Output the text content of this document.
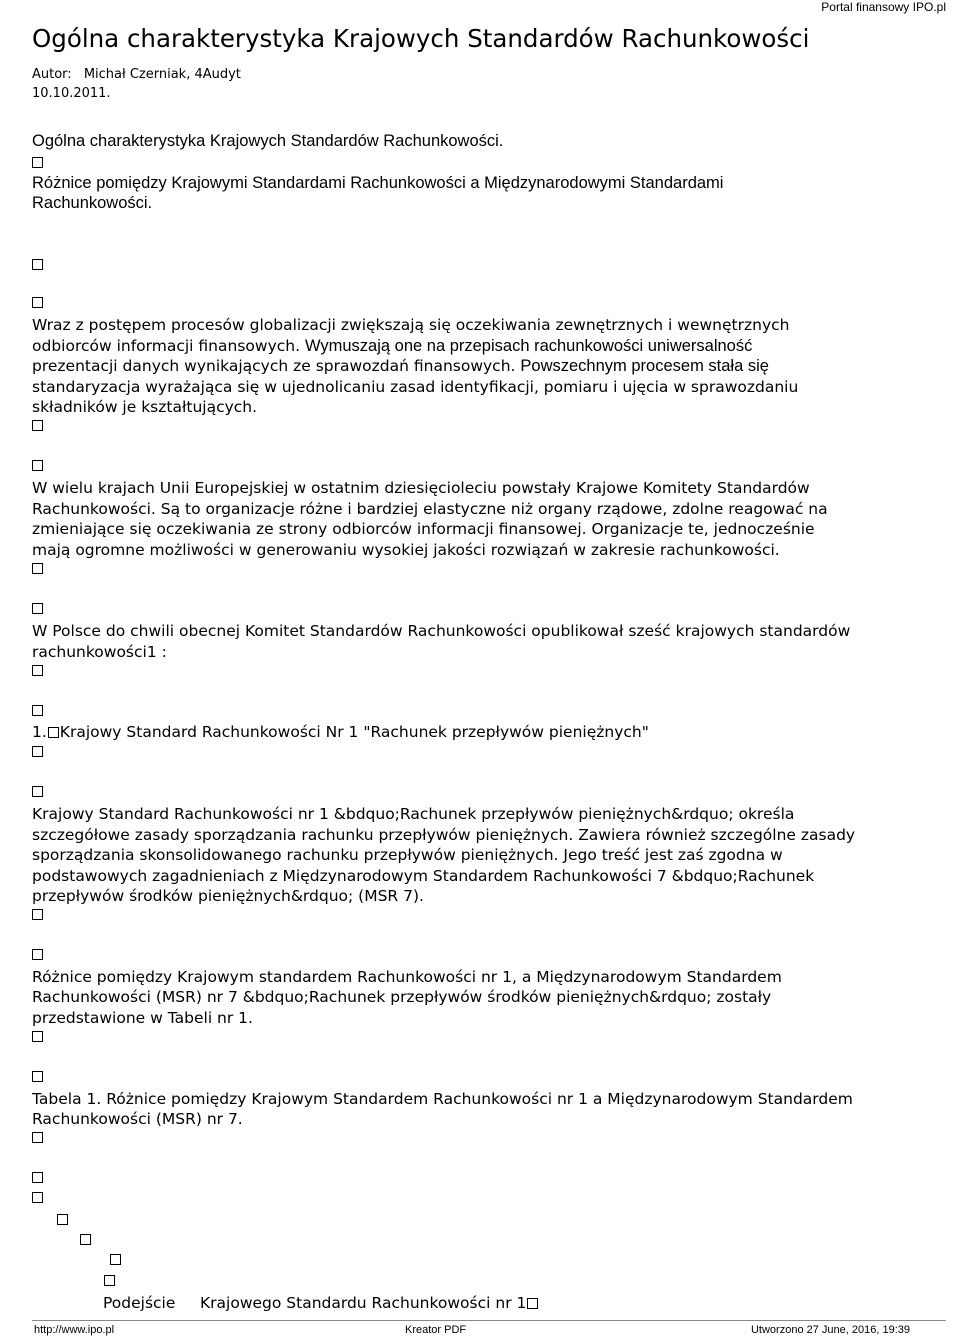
Portal finansowy IPO.pl
Ogólna charakterystyka Krajowych Standardów Rachunkowości
Autor: Michał Czerniak, 4Audyt
10.10.2011.
Ogólna charakterystyka Krajowych Standardów Rachunkowości.
Różnice pomiędzy Krajowymi Standardami Rachunkowości a Międzynarodowymi Standardami
Rachunkowości.
Wraz z postępem procesów globalizacji zwiększają się oczekiwania zewnętrznych i wewnętrznych
odbiorców informacji finansowych. Wymuszają one na przepisach rachunkowości uniwersalność
prezentacji danych wynikających ze sprawozdań finansowych. Powszechnym procesem stała się
standaryzacja wyrażająca się w ujednolicaniu zasad identyfikacji, pomiaru i ujęcia w sprawozdaniu
składników je kształtujących.
W wielu krajach Unii Europejskiej w ostatnim dziesięcioleciu powstały Krajowe Komitety Standardów
Rachunkowości. Są to organizacje różne i bardziej elastyczne niż organy rządowe, zdolne reagować na
zmieniające się oczekiwania ze strony odbiorców informacji finansowej. Organizacje te, jednocześnie
mają ogromne możliwości w generowaniu wysokiej jakości rozwiązań w zakresie rachunkowości.
W Polsce do chwili obecnej Komitet Standardów Rachunkowości opublikował sześć krajowych standardów
rachunkowości1 :
1. Krajowy Standard Rachunkowości Nr 1 "Rachunek przepływów pieniężnych"
Krajowy Standard Rachunkowości nr 1 &bdquo;Rachunek przepływów pieniężnych&rdquo; określa
szczegółowe zasady sporządzania rachunku przepływów pieniężnych. Zawiera również szczególne zasady
sporządzania skonsolidowanego rachunku przepływów pieniężnych. Jego treść jest zaś zgodna w
podstawowych zagadnieniach z Międzynarodowym Standardem Rachunkowości 7 &bdquo;Rachunek
przepływów środków pieniężnych&rdquo; (MSR 7).
Różnice pomiędzy Krajowym standardem Rachunkowości nr 1, a Międzynarodowym Standardem
Rachunkowości (MSR) nr 7 &bdquo;Rachunek przepływów środków pieniężnych&rdquo; zostały
przedstawione w Tabeli nr 1.
Tabela 1. Różnice pomiędzy Krajowym Standardem Rachunkowości nr 1 a Międzynarodowym Standardem
Rachunkowości (MSR) nr 7.
Podejście Krajowego Standardu Rachunkowości nr 1
http://www.ipo.pl	Kreator PDF	Utworzono 27 June, 2016, 19:39
